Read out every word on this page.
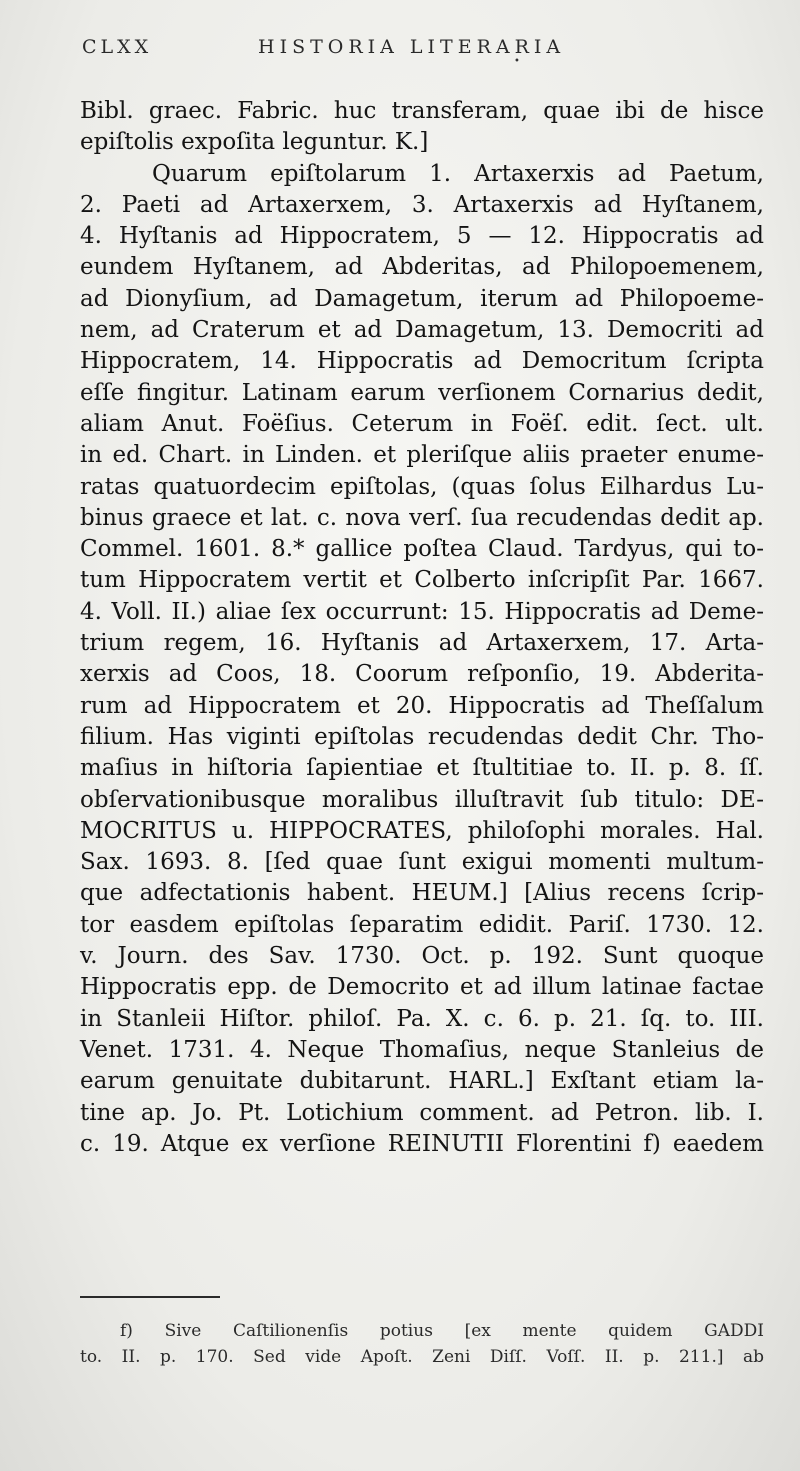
CLXX	HISTORIA LITERARIA
•
Bibl. graec. Fabric. huc transferam, quae ibi de hisce
epiſtolis expoſita leguntur. K.]
Quarum epiſtolarum 1. Artaxerxis ad Paetum,
2. Paeti ad Artaxerxem, 3. Artaxerxis ad Hyſtanem,
4. Hyſtanis ad Hippocratem, 5 — 12. Hippocratis ad
eundem Hyſtanem, ad Abderitas, ad Philopoemenem,
ad Dionyſium, ad Damagetum, iterum ad Philopoeme-
nem, ad Craterum et ad Damagetum, 13. Democriti ad
Hippocratem, 14. Hippocratis ad Democritum ſcripta
eſſe fingitur. Latinam earum verſionem Cornarius dedit,
aliam Anut. Foëſius. Ceterum in Foëſ. edit. ſect. ult.
in ed. Chart. in Linden. et pleriſque aliis praeter enume-
ratas quatuordecim epiſtolas, (quas ſolus Eilhardus Lu-
binus graece et lat. c. nova verſ. ſua recudendas dedit ap.
Commel. 1601. 8.* gallice poſtea Claud. Tardyus, qui to-
tum Hippocratem vertit et Colberto inſcripſit Par. 1667.
4. Voll. II.) aliae ſex occurrunt: 15. Hippocratis ad Deme-
trium regem, 16. Hyſtanis ad Artaxerxem, 17. Arta-
xerxis ad Coos, 18. Coorum reſponſio, 19. Abderita-
rum ad Hippocratem et 20. Hippocratis ad Theſſalum
filium. Has viginti epiſtolas recudendas dedit Chr. Tho-
maſius in hiſtoria ſapientiae et ſtultitiae to. II. p. 8. ſſ.
obſervationibusque moralibus illuſtravit ſub titulo: DE-
MOCRITUS u. HIPPOCRATES, philoſophi morales. Hal.
Sax. 1693. 8. [ſed quae ſunt exigui momenti multum-
que adfectationis habent. HEUM.] [Alius recens ſcrip-
tor easdem epiſtolas ſeparatim edidit. Pariſ. 1730. 12.
v. Journ. des Sav. 1730. Oct. p. 192. Sunt quoque
Hippocratis epp. de Democrito et ad illum latinae factae
in Stanleii Hiſtor. philoſ. Pa. X. c. 6. p. 21. ſq. to. III.
Venet. 1731. 4. Neque Thomaſius, neque Stanleius de
earum genuitate dubitarunt. HARL.] Exſtant etiam la-
tine ap. Jo. Pt. Lotichium comment. ad Petron. lib. I.
c. 19. Atque ex verſione REINUTII Florentini f) eaedem
f) Sive Caſtilionenſis potius [ex mente quidem GADDI
to. II. p. 170. Sed vide Apoſt. Zeni Diſſ. Voſſ. II. p. 211.] ab
